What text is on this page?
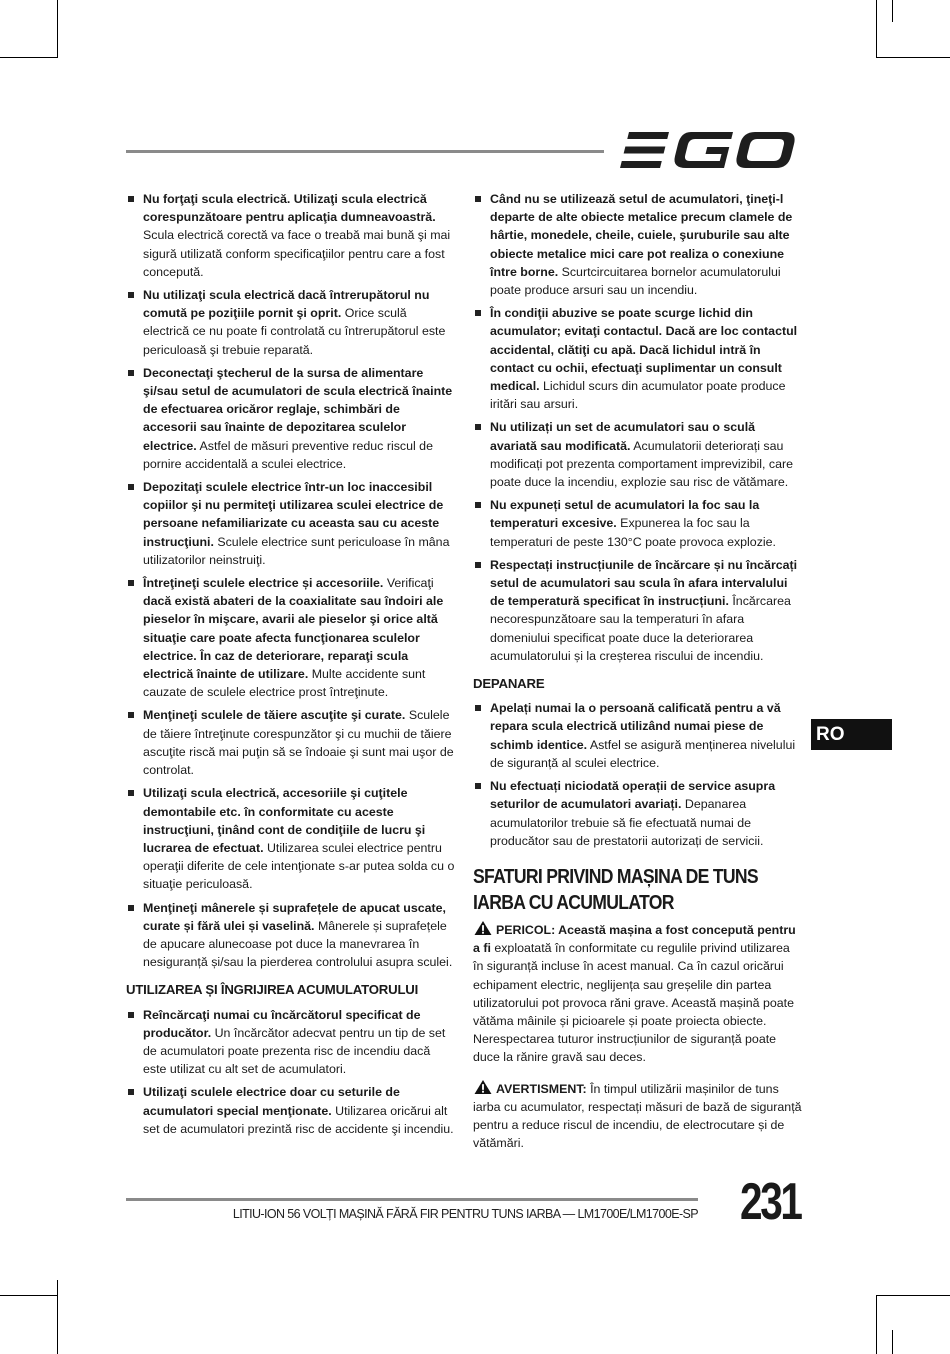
Nu forţaţi scula electrică. Utilizaţi scula electrică corespunzătoare pentru aplicaţia dumneavoastră. Scula electrică corectă va face o treabă mai bună şi mai sigură utilizată conform specificaţiilor pentru care a fost concepută.
Nu utilizaţi scula electrică dacă întrerupătorul nu comută pe poziţiile pornit şi oprit. Orice sculă electrică ce nu poate fi controlată cu întrerupătorul este periculoasă şi trebuie reparată.
Deconectaţi ştecherul de la sursa de alimentare şi/sau setul de acumulatori de scula electrică înainte de efectuarea oricăror reglaje, schimbări de accesorii sau înainte de depozitarea sculelor electrice. Astfel de măsuri preventive reduc riscul de pornire accidentală a sculei electrice.
Depozitaţi sculele electrice într-un loc inaccesibil copiilor şi nu permiteţi utilizarea sculei electrice de persoane nefamiliarizate cu aceasta sau cu aceste instrucţiuni. Sculele electrice sunt periculoase în mâna utilizatorilor neinstruiţi.
Întreţineţi sculele electrice și accesoriile. Verificaţi dacă există abateri de la coaxialitate sau îndoiri ale pieselor în mişcare, avarii ale pieselor şi orice altă situaţie care poate afecta funcţionarea sculelor electrice. În caz de deteriorare, reparaţi scula electrică înainte de utilizare. Multe accidente sunt cauzate de sculele electrice prost întreţinute.
Menţineţi sculele de tăiere ascuţite şi curate. Sculele de tăiere întreţinute corespunzător şi cu muchii de tăiere ascuţite riscă mai puţin să se îndoaie şi sunt mai uşor de controlat.
Utilizaţi scula electrică, accesoriile şi cuţitele demontabile etc. în conformitate cu aceste instrucţiuni, ţinând cont de condiţiile de lucru şi lucrarea de efectuat. Utilizarea sculei electrice pentru operaţii diferite de cele intenţionate s-ar putea solda cu o situaţie periculoasă.
Menţineţi mânerele și suprafețele de apucat uscate, curate și fără ulei și vaselină. Mânerele și suprafețele de apucare alunecoase pot duce la manevrarea în nesiguranță și/sau la pierderea controlului asupra sculei.
UTILIZAREA ȘI ÎNGRIJIREA ACUMULATORULUI
Reîncărcaţi numai cu încărcătorul specificat de producător. Un încărcător adecvat pentru un tip de set de acumulatori poate prezenta risc de incendiu dacă este utilizat cu alt set de acumulatori.
Utilizaţi sculele electrice doar cu seturile de acumulatori special menţionate. Utilizarea oricărui alt set de acumulatori prezintă risc de accidente şi incendiu.
Când nu se utilizează setul de acumulatori, ţineţi-l departe de alte obiecte metalice precum clamele de hârtie, monedele, cheile, cuiele, şuruburile sau alte obiecte metalice mici care pot realiza o conexiune între borne. Scurtcircuitarea bornelor acumulatorului poate produce arsuri sau un incendiu.
În condiţii abuzive se poate scurge lichid din acumulator; evitaţi contactul. Dacă are loc contactul accidental, clătiţi cu apă. Dacă lichidul intră în contact cu ochii, efectuaţi suplimentar un consult medical. Lichidul scurs din acumulator poate produce iritări sau arsuri.
Nu utilizați un set de acumulatori sau o sculă avariată sau modificată. Acumulatorii deteriorați sau modificați pot prezenta comportament imprevizibil, care poate duce la incendiu, explozie sau risc de vătămare.
Nu expuneți setul de acumulatori la foc sau la temperaturi excesive. Expunerea la foc sau la temperaturi de peste 130°C poate provoca explozie.
Respectați instrucțiunile de încărcare și nu încărcați setul de acumulatori sau scula în afara intervalului de temperatură specificat în instrucțiuni. Încărcarea necorespunzătoare sau la temperaturi în afara domeniului specificat poate duce la deteriorarea acumulatorului și la creșterea riscului de incendiu.
DEPANARE
Apelați numai la o persoană calificată pentru a vă repara scula electrică utilizând numai piese de schimb identice. Astfel se asigură menținerea nivelului de siguranță al sculei electrice.
Nu efectuați niciodată operații de service asupra seturilor de acumulatori avariați. Depanarea acumulatorilor trebuie să fie efectuată numai de producător sau de prestatorii autorizați de servicii.
SFATURI PRIVIND MAȘINA DE TUNS IARBA CU ACUMULATOR

PERICOL: Această mașina a fost concepută pentru a fi exploatată în conformitate cu regulile privind utilizarea în siguranță incluse în acest manual. Ca în cazul oricărui echipament electric, neglijența sau greșelile din partea utilizatorului pot provoca răni grave. Această mașină poate vătăma mâinile și picioarele și poate proiecta obiecte. Nerespectarea tuturor instrucțiunilor de siguranță poate duce la rănire gravă sau deces.

AVERTISMENT: În timpul utilizării mașinilor de tuns iarba cu acumulator, respectați măsuri de bază de siguranță pentru a reduce riscul de incendiu, de electrocutare și de vătămări.

RO
LITIU-ION 56 VOLȚI MAȘINĂ FĂRĂ FIR PENTRU TUNS IARBA — LM1700E/LM1700E-SP 231
